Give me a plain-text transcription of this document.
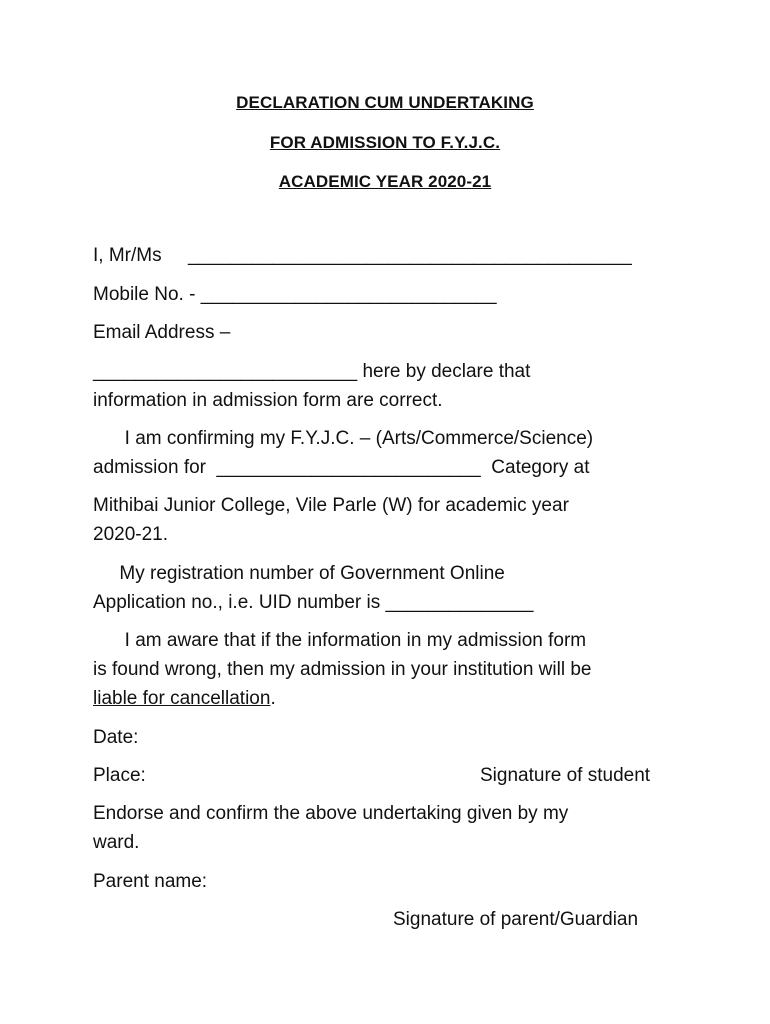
DECLARATION CUM UNDERTAKING
FOR ADMISSION TO F.Y.J.C.
ACADEMIC YEAR 2020-21
I, Mr/Ms     __________________________________________
Mobile No. - ____________________________
Email Address –
_________________________ here by declare that
information in admission form are correct.
I am confirming my F.Y.J.C. – (Arts/Commerce/Science)
admission for  _________________________  Category at
Mithibai Junior College, Vile Parle (W) for academic year
2020-21.
My registration number of Government Online
Application no., i.e. UID number is ______________
I am aware that if the information in my admission form
is found wrong, then my admission in your institution will be
liable for cancellation.
Date:
Place:	Signature of student
Endorse and confirm the above undertaking given by my
ward.
Parent name:
Signature of parent/Guardian
